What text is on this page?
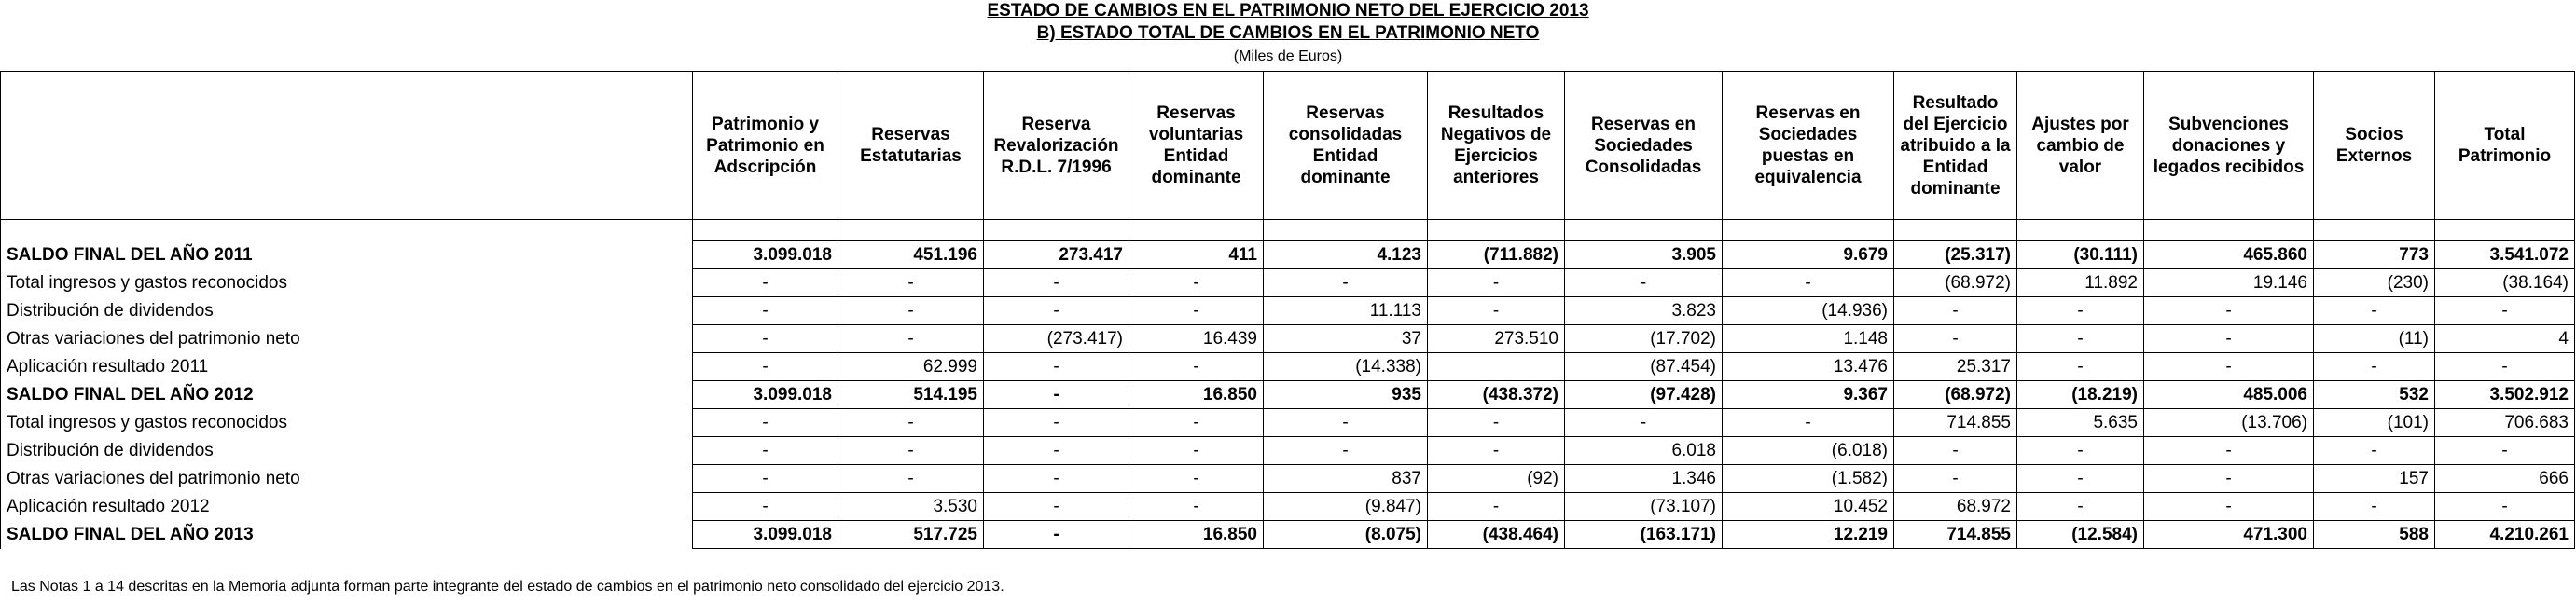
ESTADO DE CAMBIOS EN EL PATRIMONIO NETO DEL EJERCICIO 2013
B) ESTADO TOTAL DE CAMBIOS EN EL PATRIMONIO NETO
(Miles de Euros)
	Patrimonio y Patrimonio en Adscripción	Reservas Estatutarias	Reserva Revalorización R.D.L. 7/1996	Reservas voluntarias Entidad dominante	Reservas consolidadas Entidad dominante	Resultados Negativos de Ejercicios anteriores	Reservas en Sociedades Consolidadas	Reservas en Sociedades puestas en equivalencia	Resultado del Ejercicio atribuido a la Entidad dominante	Ajustes por cambio de valor	Subvenciones donaciones y legados recibidos	Socios Externos	Total Patrimonio

SALDO FINAL DEL AÑO 2011	3.099.018	451.196	273.417	411	4.123	(711.882)	3.905	9.679	(25.317)	(30.111)	465.860	773	3.541.072
Total ingresos y gastos reconocidos	-	-	-	-	-	-	-	-	(68.972)	11.892	19.146	(230)	(38.164)
Distribución de dividendos	-	-	-	-	11.113	-	3.823	(14.936)	-	-	-	-	-
Otras variaciones del patrimonio neto	-	-	(273.417)	16.439	37	273.510	(17.702)	1.148	-	-	-	(11)	4
Aplicación resultado 2011	-	62.999	-	-	(14.338)		(87.454)	13.476	25.317	-	-	-	-
SALDO FINAL DEL AÑO 2012	3.099.018	514.195	-	16.850	935	(438.372)	(97.428)	9.367	(68.972)	(18.219)	485.006	532	3.502.912
Total ingresos y gastos reconocidos	-	-	-	-	-	-	-	-	714.855	5.635	(13.706)	(101)	706.683
Distribución de dividendos	-	-	-	-	-	-	6.018	(6.018)	-	-	-	-	-
Otras variaciones del patrimonio neto	-	-	-	-	837	(92)	1.346	(1.582)	-	-	-	157	666
Aplicación resultado 2012	-	3.530	-	-	(9.847)	-	(73.107)	10.452	68.972	-	-	-	-
SALDO FINAL DEL AÑO 2013	3.099.018	517.725	-	16.850	(8.075)	(438.464)	(163.171)	12.219	714.855	(12.584)	471.300	588	4.210.261
Las Notas 1 a 14 descritas en la Memoria adjunta forman parte integrante del estado de cambios en el patrimonio neto consolidado del ejercicio 2013.
